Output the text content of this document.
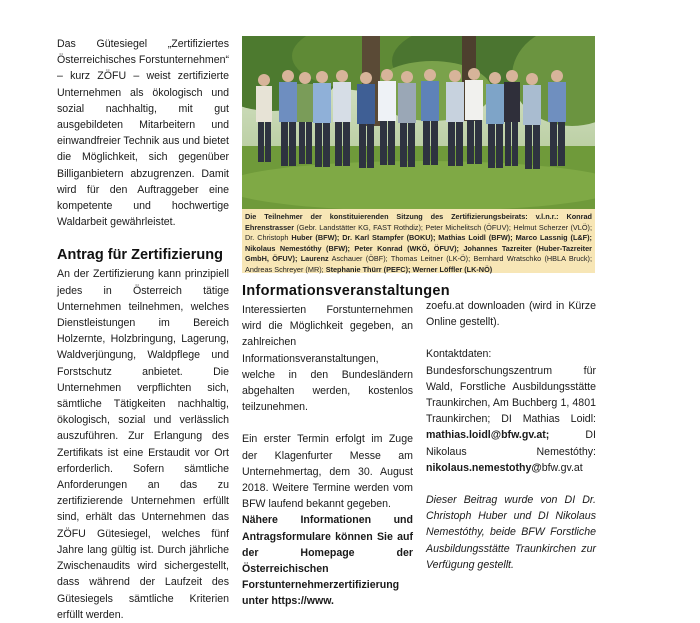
Das Gütesiegel „Zertifiziertes Österreichisches Forstunternehmen“ – kurz ZÖFU – weist zertifizierte Unternehmen als ökologisch und sozial nachhaltig, mit gut ausgebildeten Mitarbeitern und einwandfreier Technik aus und bietet die Möglichkeit, sich gegenüber Billiganbietern abzugrenzen. Damit wird für den Auftraggeber eine kompetente und hochwertige Waldarbeit gewährleistet.

Antrag für Zertifizierung

An der Zertifizierung kann prinzipiell jedes in Österreich tätige Unternehmen teilnehmen, welches Dienstleistungen im Bereich Holzernte, Holzbringung, Lagerung, Waldverjüngung, Waldpflege und Forstschutz anbietet. Die Unternehmen verpflichten sich, sämtliche Tätigkeiten nachhaltig, ökologisch, sozial und verlässlich auszuführen. Zur Erlangung des Zertifikats ist eine Erstaudit vor Ort erforderlich. Sofern sämtliche Anforderungen an das zu zertifizierende Unternehmen erfüllt sind, erhält das Unternehmen das ZÖFU Gütesiegel, welches fünf Jahre lang gültig ist. Durch jährliche Zwischenaudits wird sichergestellt, dass während der Laufzeit des Gütesiegels sämtliche Kriterien erfüllt werden.

Die Teilnehmer der konstituierenden Sitzung des Zertifizierungsbeirats: v.l.n.r.: Konrad Ehrenstrasser (Gebr. Landstätter KG, FAST Rothdiz); Peter Michelitsch (ÖFUV); Helmut Scherzer (VLÖ); Dr. Christoph Huber (BFW); Dr. Karl Stampfer (BOKU); Mathias Loidl (BFW); Marco Lassnig (L&F); Nikolaus Nemestóthy (BFW); Peter Konrad (WKÖ, ÖFUV); Johannes Tazreiter (Huber-Tazreiter GmbH, ÖFUV); Laurenz Aschauer (ÖBF); Thomas Leitner (LK-Ö); Bernhard Wratschko (HBLA Bruck); Andreas Schreyer (MR); Stephanie Thürr (PEFC); Werner Löffler (LK-NÖ)
Informationsveranstaltungen

Interessierten Forstunternehmen wird die Möglichkeit gegeben, an zahlreichen Informationsveranstaltungen, welche in den Bundesländern abgehalten werden, kostenlos teilzunehmen.

Ein erster Termin erfolgt im Zuge der Klagenfurter Messe am Unternehmertag, dem 30. August 2018. Weitere Termine werden vom BFW laufend bekannt gegeben.

Nähere Informationen und Antragsformulare können Sie auf der Homepage der Österreichischen Forstunternehmerzertifizierung unter https://www.

zoefu.at downloaden (wird in Kürze Online gestellt).

Kontaktdaten: Bundesforschungszentrum für Wald, Forstliche Ausbildungsstätte Traunkirchen, Am Buchberg 1, 4801 Traunkirchen; DI Mathias Loidl: mathias.loidl@bfw.gv.at; DI Nikolaus Nemestóthy: nikolaus.nemestothy@bfw.gv.at

Dieser Beitrag wurde von DI Dr. Christoph Huber und DI Nikolaus Nemestóthy, beide BFW Forstliche Ausbildungsstätte Traunkirchen zur Verfügung gestellt.
